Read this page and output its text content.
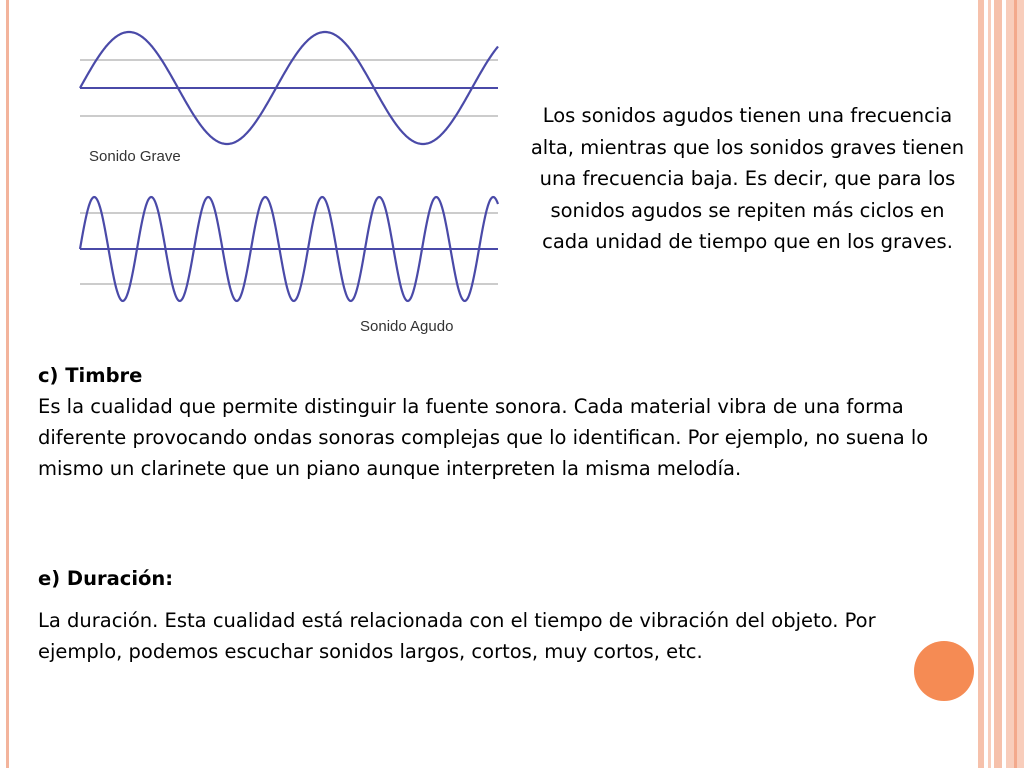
Sonido Grave
Sonido Agudo
Los sonidos agudos tienen una frecuencia alta, mientras que los sonidos graves tienen una frecuencia baja. Es decir, que para los sonidos agudos se repiten más ciclos en cada unidad de tiempo que en los graves.
c) Timbre
Es la cualidad que permite distinguir la fuente sonora. Cada material vibra de una forma diferente provocando ondas sonoras complejas que lo identifican. Por ejemplo, no suena lo mismo un clarinete que un piano aunque interpreten la misma melodía.
e) Duración:
La duración. Esta cualidad está relacionada con el tiempo de vibración del objeto. Por ejemplo, podemos escuchar sonidos largos, cortos, muy cortos, etc.
